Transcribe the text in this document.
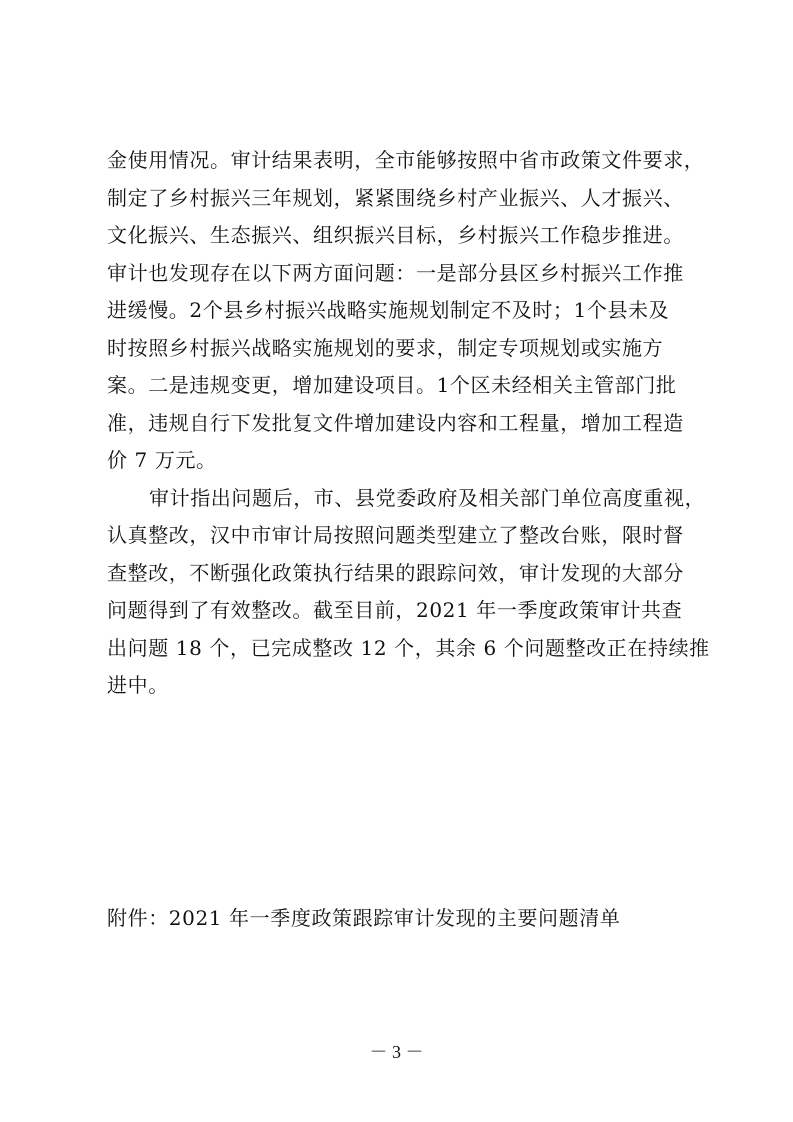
金使用情况。审计结果表明，全市能够按照中省市政策文件要求，
制定了乡村振兴三年规划，紧紧围绕乡村产业振兴、人才振兴、
文化振兴、生态振兴、组织振兴目标，乡村振兴工作稳步推进。
审计也发现存在以下两方面问题：一是部分县区乡村振兴工作推
进缓慢。2个县乡村振兴战略实施规划制定不及时；1个县未及
时按照乡村振兴战略实施规划的要求，制定专项规划或实施方
案。二是违规变更，增加建设项目。1个区未经相关主管部门批
准，违规自行下发批复文件增加建设内容和工程量，增加工程造
价 7 万元。
审计指出问题后，市、县党委政府及相关部门单位高度重视，
认真整改，汉中市审计局按照问题类型建立了整改台账，限时督
查整改，不断强化政策执行结果的跟踪问效，审计发现的大部分
问题得到了有效整改。截至目前，2021 年一季度政策审计共查
出问题 18 个，已完成整改 12 个，其余 6 个问题整改正在持续推
进中。
附件：2021 年一季度政策跟踪审计发现的主要问题清单
－ 3 －
